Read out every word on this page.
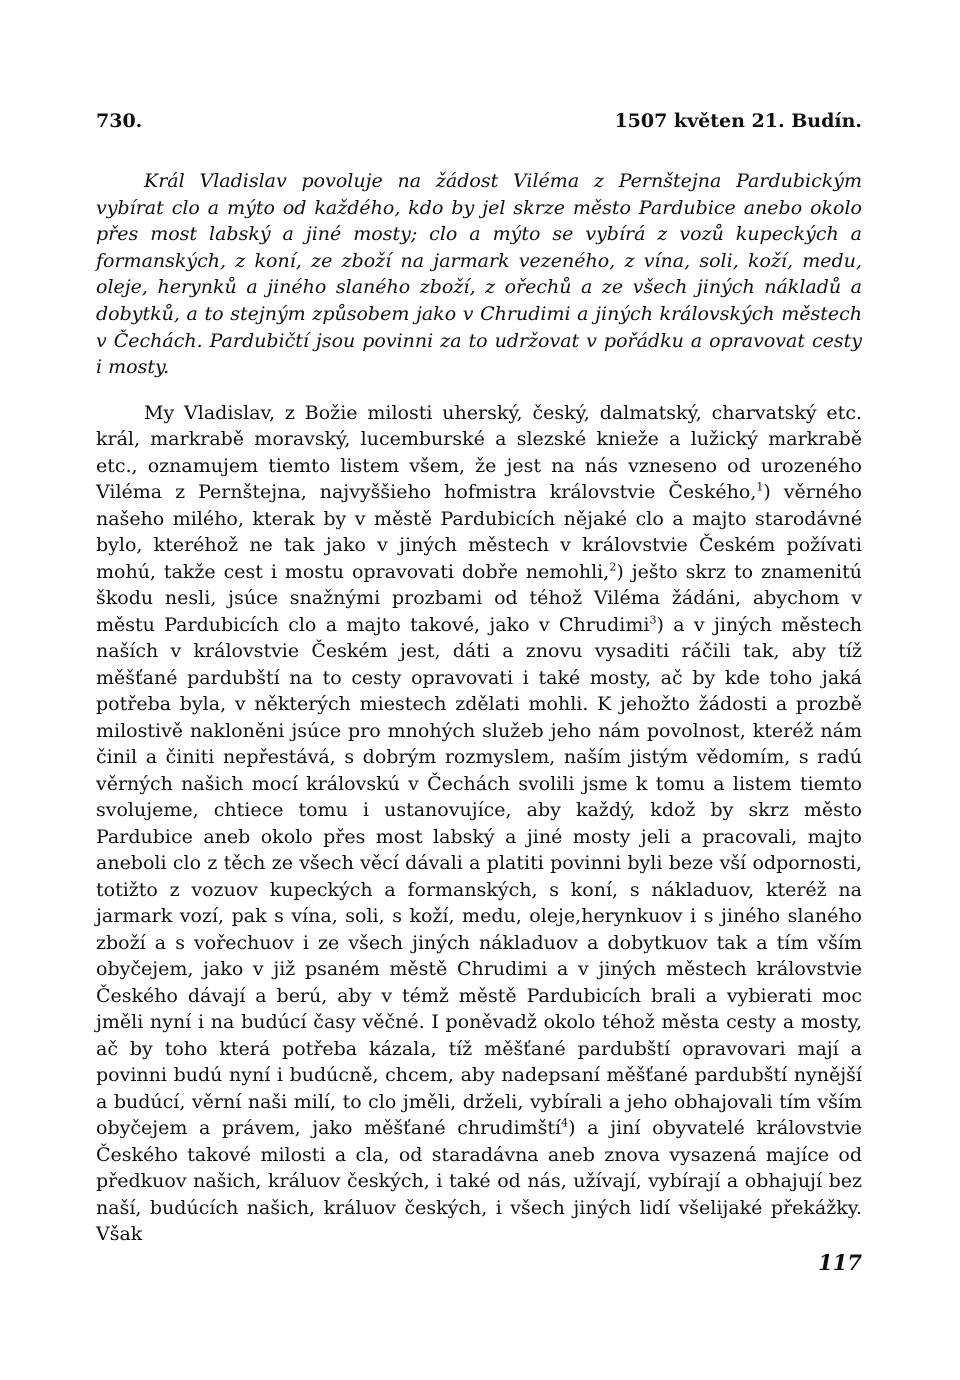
730.	1507 květen 21. Budín.

Král Vladislav povoluje na žádost Viléma z Pernštejna Pardubickým vybírat clo a mýto od každého, kdo by jel skrze město Pardubice anebo okolo přes most labský a jiné mosty; clo a mýto se vybírá z vozů kupeckých a formanských, z koní, ze zboží na jarmark vezeného, z vína, soli, koží, medu, oleje, herynků a jiného slaného zboží, z ořechů a ze všech jiných nákladů a dobytků, a to stejným způsobem jako v Chrudimi a jiných královských městech v Čechách. Pardubičtí jsou povinni za to udržovat v pořádku a opravovat cesty i mosty.

My Vladislav, z Božie milosti uherský, český, dalmatský, charvatský etc. král, markrabě moravský, lucemburské a slezské knieže a lužický markrabě etc., oznamujem tiemto listem všem, že jest na nás vzneseno od urozeného Viléma z Pernštejna, najvyššieho hofmistra královstvie Českého,$^1$) věrného našeho milého, kterak by v městě Pardubicích nějaké clo a majto starodávné bylo, kteréhož ne tak jako v jiných městech v královstvie Českém požívati mohú, takže cest i mostu opravovati dobře nemohli,$^2$) ješto skrz to znamenitú škodu nesli, jsúce snažnými prozbami od téhož Viléma žádáni, abychom v městu Pardubicích clo a majto takové, jako v Chrudimi$^3$) a v jiných městech naších v královstvie Českém jest, dáti a znovu vysaditi ráčili tak, aby tíž měšťané pardubští na to cesty opravovati i také mosty, ač by kde toho jaká potřeba byla, v některých miestech zdělati mohli. K jehožto žádosti a prozbě milostivě nakloněni jsúce pro mnohých služeb jeho nám povolnost, kteréž nám činil a činiti nepřestává, s dobrým rozmyslem, naším jistým vědomím, s radú věrných našich mocí královskú v Čechách svolili jsme k tomu a listem tiemto svolujeme, chtiece tomu i ustanovujíce, aby každý, kdož by skrz město Pardubice aneb okolo přes most labský a jiné mosty jeli a pracovali, majto aneboli clo z těch ze všech věcí dávali a platiti povinni byli beze vší odpornosti, totižto z vozuov kupeckých a formanských, s koní, s nákladuov, kteréž na jarmark vozí, pak s vína, soli, s koží, medu, oleje,herynkuov i s jiného slaného zboží a s vořechuov i ze všech jiných nákladuov a dobytkuov tak a tím vším obyčejem, jako v již psaném městě Chrudimi a v jiných městech královstvie Českého dávají a berú, aby v témž městě Pardubicích brali a vybierati moc jměli nyní i na budúcí časy věčné. I poněvadž okolo téhož města cesty a mosty, ač by toho která potřeba kázala, tíž měšťané pardubští opravovari mají a povinni budú nyní i budúcně, chcem, aby nadepsaní měšťané pardubští nynější a budúcí, věrní naši milí, to clo jměli, drželi, vybírali a jeho obhajovali tím vším obyčejem a právem, jako měšťané chrudimští$^4$) a jiní obyvatelé královstvie Českého takové milosti a cla, od staradávna aneb znova vysazená majíce od předkuov našich, králuov českých, i také od nás, užívají, vybírají a obhajují bez naší, budúcích našich, králuov českých, i všech jiných lidí všelijaké překážky. Však

117
